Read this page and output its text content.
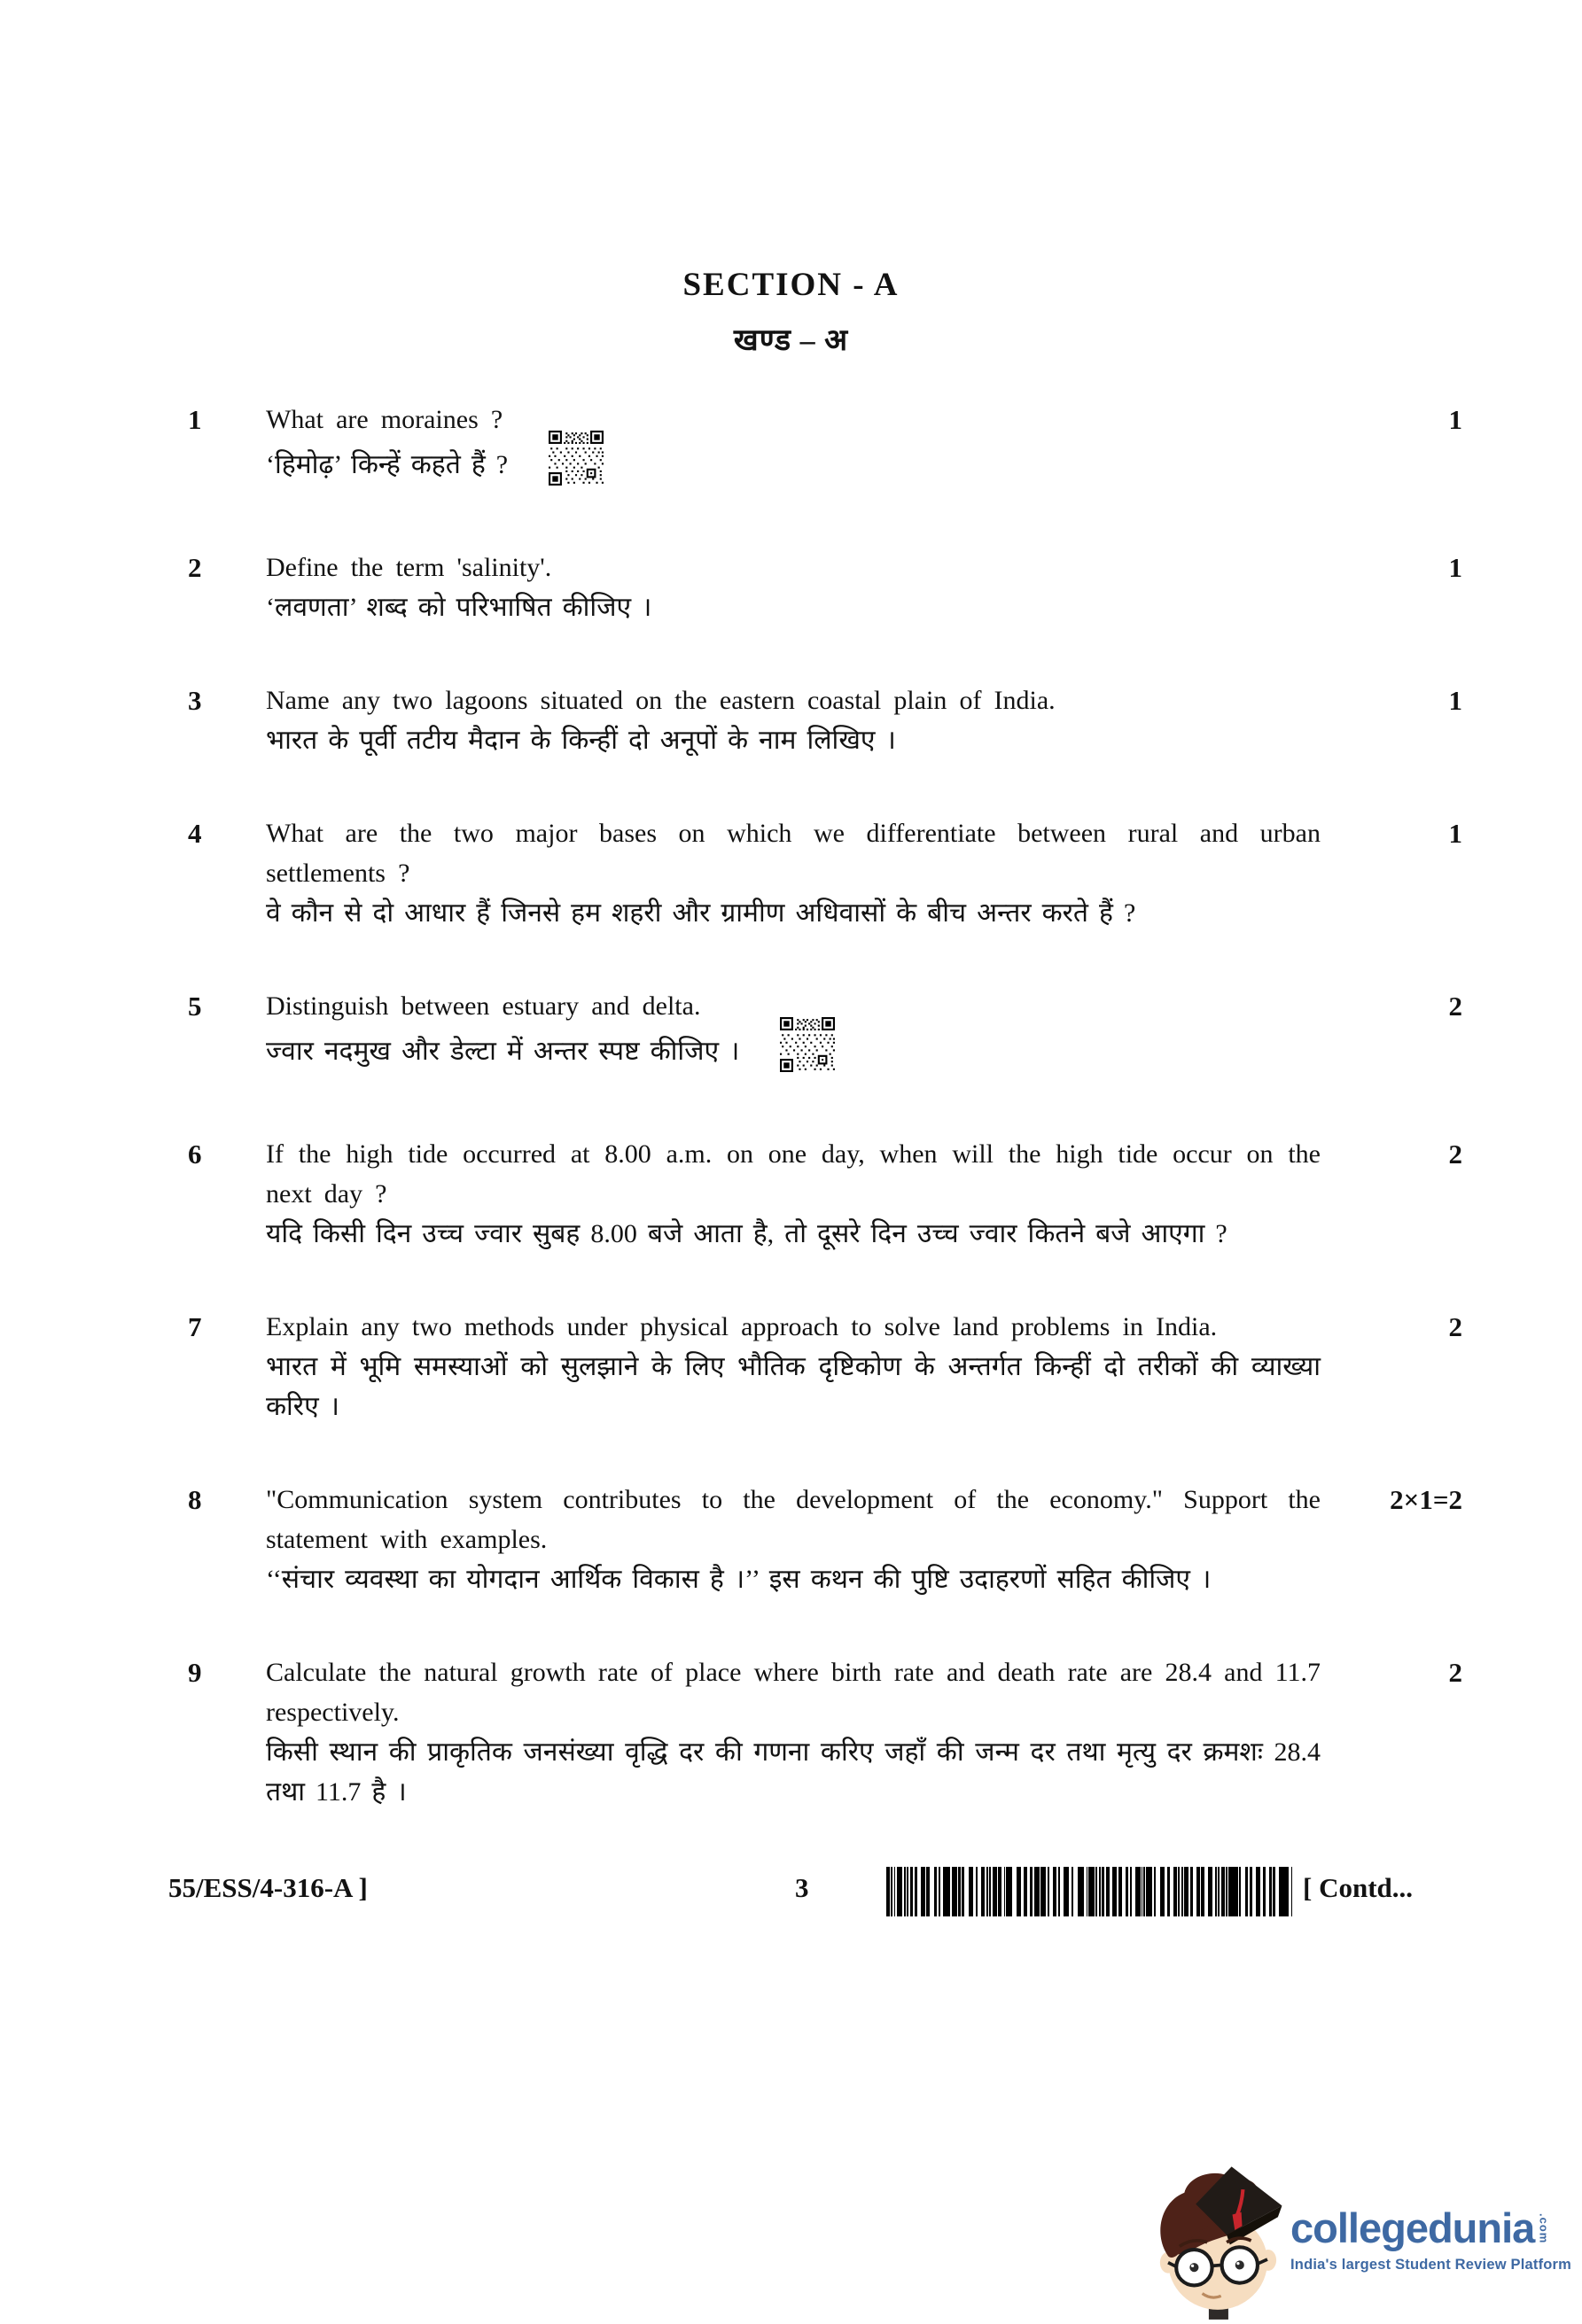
SECTION - A
खण्ड – अ
1	What are moraines ?
‘हिमोढ़’ किन्हें कहते हैं ?
1
2	Define the term 'salinity'.
‘लवणता’ शब्द को परिभाषित कीजिए ।
1
3	Name any two lagoons situated on the eastern coastal plain of India.
भारत के पूर्वी तटीय मैदान के किन्हीं दो अनूपों के नाम लिखिए ।
1
4	What are the two major bases on which we differentiate between rural and urban settlements ?
वे कौन से दो आधार हैं जिनसे हम शहरी और ग्रामीण अधिवासों के बीच अन्तर करते हैं ?
1
5	Distinguish between estuary and delta.
ज्वार नदमुख और डेल्टा में अन्तर स्पष्ट कीजिए ।
2
6	If the high tide occurred at 8.00 a.m. on one day, when will the high tide occur on the next day ?
यदि किसी दिन उच्च ज्वार सुबह 8.00 बजे आता है, तो दूसरे दिन उच्च ज्वार कितने बजे आएगा ?
2
7	Explain any two methods under physical approach to solve land problems in India.
भारत में भूमि समस्याओं को सुलझाने के लिए भौतिक दृष्टिकोण के अन्तर्गत किन्हीं दो तरीकों की व्याख्या करिए ।
2
8	"Communication system contributes to the development of the economy." Support the statement with examples.
‘‘संचार व्यवस्था का योगदान आर्थिक विकास है ।’’ इस कथन की पुष्टि उदाहरणों सहित कीजिए ।
2×1=2
9	Calculate the natural growth rate of place where birth rate and death rate are 28.4 and 11.7 respectively.
किसी स्थान की प्राकृतिक जनसंख्या वृद्धि दर की गणना करिए जहाँ की जन्म दर तथा मृत्यु दर क्रमशः 28.4 तथा 11.7 है ।
2
55/ESS/4-316-A ]	3	[ Contd...
collegedunia .com
India's largest Student Review Platform
